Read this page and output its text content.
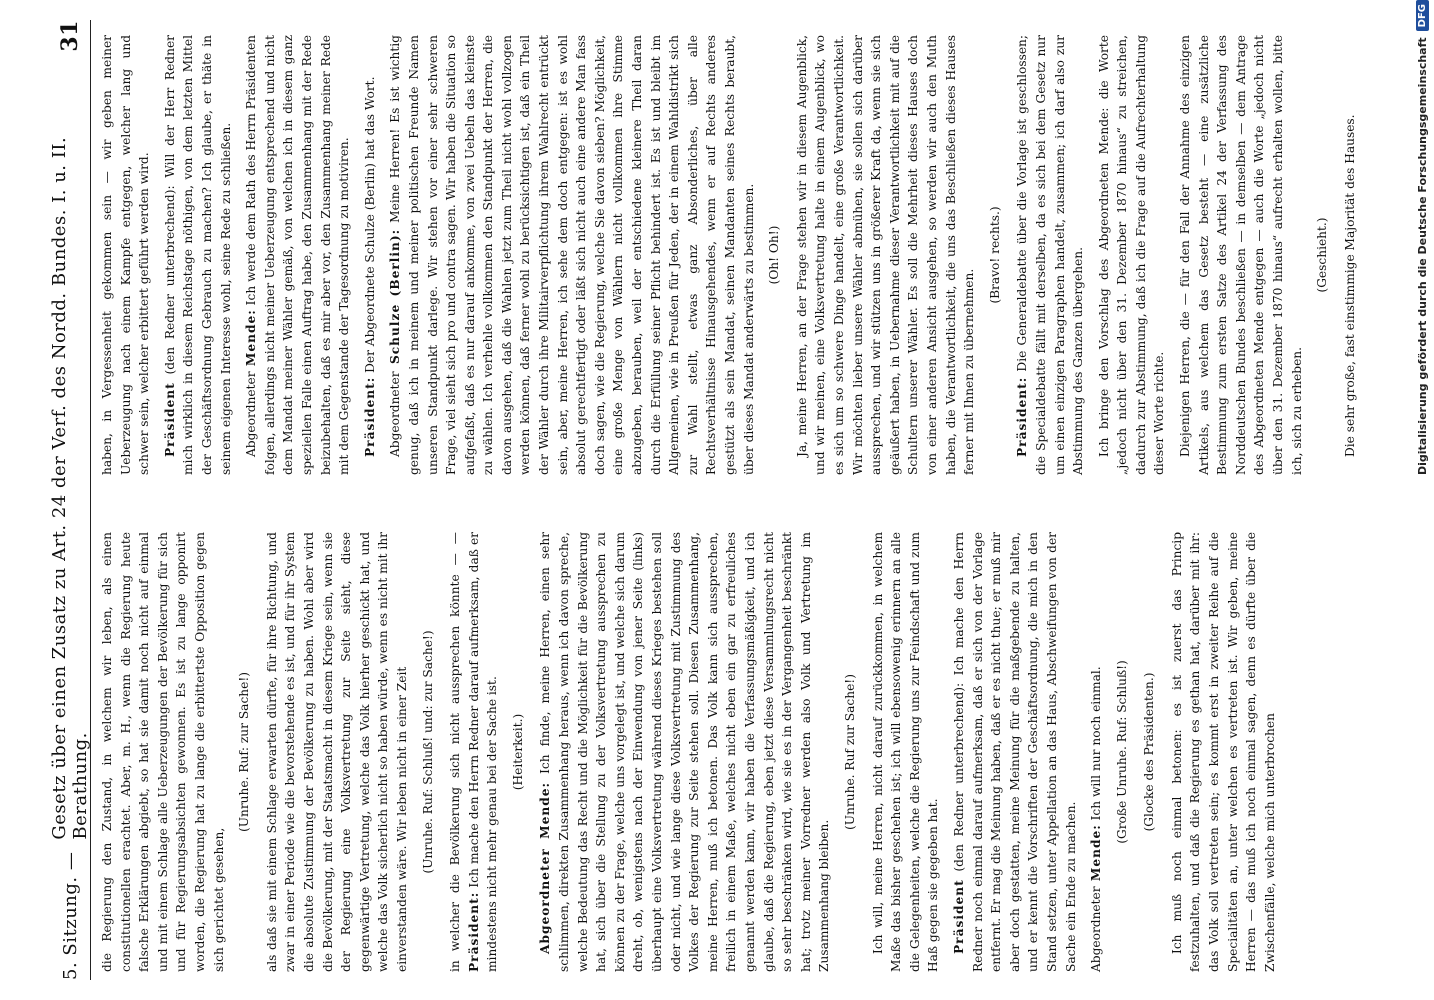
5. Sitzung. —
Gesetz über einen Zusatz zu Art. 24 der Verf. des Nordd. Bundes. I. u. II. Berathung.
31

die Regierung den Zustand, in welchem wir leben, als einen constitutionellen erachtet. Aber, m. H., wenn die Regierung heute falsche Erklärungen abgiebt, so hat sie damit noch nicht auf einmal und mit einem Schlage alle Ueberzeugungen der Bevölkerung für sich und für Regierungsabsichten gewonnen. Es ist zu lange opponirt worden, die Regierung hat zu lange die erbittertste Opposition gegen sich gerichtet gesehen,

(Unruhe. Ruf: zur Sache!) als daß sie mit einem Schlage erwarten dürfte, für ihre Richtung, und zwar in einer Periode wie die bevorstehende es ist, und für ihr System die absolute Zustimmung der Bevölkerung zu haben. Wohl aber wird die Bevölkerung, mit der Staatsmacht in diesem Kriege sein, wenn sie der Regierung eine Volksvertretung zur Seite sieht, diese gegenwärtige Vertretung, welche das Volk hierher geschickt hat, und welche das Volk sicherlich nicht so haben würde, wenn es nicht mit ihr einverstanden wäre. Wir leben nicht in einer Zeit (Unruhe. Ruf: Schluß! und: zur Sache!) in welcher die Bevölkerung sich nicht aussprechen könnte — — Präsident: Ich mache den Herrn Redner darauf aufmerksam, daß er mindestens nicht mehr genau bei der Sache ist. (Heiterkeit.)

Abgeordneter Mende: Ich finde, meine Herren, einen sehr schlimmen, direkten Zusammenhang heraus, wenn ich davon spreche, welche Bedeutung das Recht und die Möglichkeit für die Bevölkerung hat, sich über die Stellung zu der Volksvertretung aussprechen zu können zu der Frage, welche uns vorgelegt ist, und welche sich darum dreht, ob, wenigstens nach der Einwendung von jener Seite (links) überhaupt eine Volksvertretung während dieses Krieges bestehen soll oder nicht, und wie lange diese Volksvertretung mit Zustimmung des Volkes der Regierung zur Seite stehen soll. Diesen Zusammenhang, meine Herren, muß ich betonen. Das Volk kann sich aussprechen, freilich in einem Maße, welches nicht eben ein gar zu erfreuliches genannt werden kann, wir haben die Verfassungsmäßigkeit, und ich glaube, daß die Regierung, eben jetzt diese Versammlungsrecht nicht so sehr beschränken wird, wie sie es in der Vergangenheit beschränkt hat; trotz meiner Vorredner werden also Volk und Vertretung im Zusammenhang bleiben.

(Unruhe. Ruf zur Sache!) Ich will, meine Herren, nicht darauf zurückkommen, in welchem Maße das bisher geschehen ist; ich will ebensowenig erinnern an alle die Gelegenheiten, welche die Regierung uns zur Feindschaft und zum Haß gegen sie gegeben hat. Präsident (den Redner unterbrechend): Ich mache den Herrn Redner noch einmal darauf aufmerksam, daß er sich von der Vorlage entfernt. Er mag die Meinung haben, daß er es nicht thue; er muß mir aber doch gestatten, meine Meinung für die maßgebende zu halten, und er kennt die Vorschriften der Geschäftsordnung, die mich in den Stand setzen, unter Appellation an das Haus, Abschweifungen von der Sache ein Ende zu machen. Abgeordneter Mende: Ich will nur noch einmal. (Große Unruhe. Ruf: Schluß!) (Glocke des Präsidenten.) Ich muß noch einmal betonen: es ist zuerst das Princip festzuhalten, und daß die Regierung es gethan hat, darüber mit ihr: das Volk soll vertreten sein; es kommt erst in zweiter Reihe auf die Specialitäten an, unter welchen es vertreten ist. Wir geben, meine Herren — das muß ich noch einmal sagen, denn es dürfte über die Zwischenfälle, welche mich unterbrochen

haben, in Vergessenheit gekommen sein — wir geben meiner Ueberzeugung nach einem Kampfe entgegen, welcher lang und schwer sein, welcher erbittert geführt werden wird. Präsident (den Redner unterbrechend): Will der Herr Redner mich wirklich in diesem Reichstage nöthigen, von dem letzten Mittel der Geschäftsordnung Gebrauch zu machen? Ich glaube, er thäte in seinem eigenen Interesse wohl, seine Rede zu schließen. Abgeordneter Mende: Ich werde dem Rath des Herrn Präsidenten folgen, allerdings nicht meiner Ueberzeugung entsprechend und nicht dem Mandat meiner Wähler gemäß, von welchen ich in diesem ganz speziellen Falle einen Auftrag habe, den Zusammenhang mit der Rede beizubehalten, daß es mir aber vor, den Zusammenhang meiner Rede mit dem Gegenstande der Tagesordnung zu motiviren. Präsident: Der Abgeordnete Schulze (Berlin) hat das Wort.

Abgeordneter Schulze (Berlin): Meine Herren! Es ist wichtig genug, daß ich in meinem und meiner politischen Freunde Namen unseren Standpunkt darlege. Wir stehen vor einer sehr schweren Frage, viel sieht sich pro und contra sagen. Wir haben die Situation so aufgefaßt, daß es nur darauf ankomme, von zwei Uebeln das kleinste zu wählen. Ich verhehle vollkommen den Standpunkt der Herren, die davon ausgehen, daß die Wahlen jetzt zum Theil nicht wohl vollzogen werden können, daß ferner wohl zu berücksichtigen ist, daß ein Theil der Wähler durch ihre Militairverpflichtung ihrem Wahlrecht entrückt sein, aber, meine Herren, ich sehe dem doch entgegen: ist es wohl absolut gerechtfertigt oder läßt sich nicht auch eine andere Man fass doch sagen, wie die Regierung, welche Sie davon sieben? Möglichkeit, eine große Menge von Wählern nicht vollkommen ihre Stimme abzugeben, berauben, weil der entschiedene kleinere Theil daran durch die Erfüllung seiner Pflicht behindert ist. Es ist und bleibt im Allgemeinen, wie in Preußen für Jeden, der in einem Wahldistrikt sich zur Wahl stellt, etwas ganz Absonderliches, über alle Rechtsverhältnisse Hinausgehendes, wenn er auf Rechts anderes gestützt als sein Mandat, seinen Mandanten seines Rechts beraubt, über dieses Mandat anderwärts zu bestimmen. (Oh! Oh!) Ja, meine Herren, an der Frage stehen wir in diesem Augenblick, und wir meinen, eine Volksvertretung halte in einem Augenblick, wo es sich um so schwere Dinge handelt, eine große Verantwortlichkeit. Wir möchten lieber unsere Wähler abmühen, sie sollen sich darüber aussprechen, und wir stützen uns in größerer Kraft da, wenn sie sich geäußert haben, in Uebernahme dieser Verantwortlichkeit mit auf die Schultern unserer Wähler. Es soll die Mehrheit dieses Hauses doch von einer anderen Ansicht ausgehen, so werden wir auch den Muth haben, die Verantwortlichkeit, die uns das Beschließen dieses Hauses ferner mit Ihnen zu übernehmen.

(Bravo! rechts.)

Präsident: Die Generaldebatte über die Vorlage ist geschlossen; die Specialdebatte fällt mit derselben, da es sich bei dem Gesetz nur um einen einzigen Paragraphen handelt, zusammen; ich darf also zur Abstimmung des Ganzen übergehen. Ich bringe den Vorschlag des Abgeordneten Mende: die Worte „jedoch nicht über den 31. Dezember 1870 hinaus“ zu streichen, dadurch zur Abstimmung, daß ich die Frage auf die Aufrechterhaltung dieser Worte richte. Diejenigen Herren, die — für den Fall der Annahme des einzigen Artikels, aus welchem das Gesetz besteht — eine zusätzliche Bestimmung zum ersten Satze des Artikel 24 der Verfassung des Norddeutschen Bundes beschließen — in demselben — dem Antrage des Abgeordneten Mende entgegen — auch die Worte „jedoch nicht über den 31. Dezember 1870 hinaus“ aufrecht erhalten wollen, bitte ich, sich zu erheben.

(Geschieht.) Die sehr große, fast einstimmige Majorität des Hauses.	Digitalisierung gefördert durch die Deutsche Forschungsgemeinschaft
DFG
